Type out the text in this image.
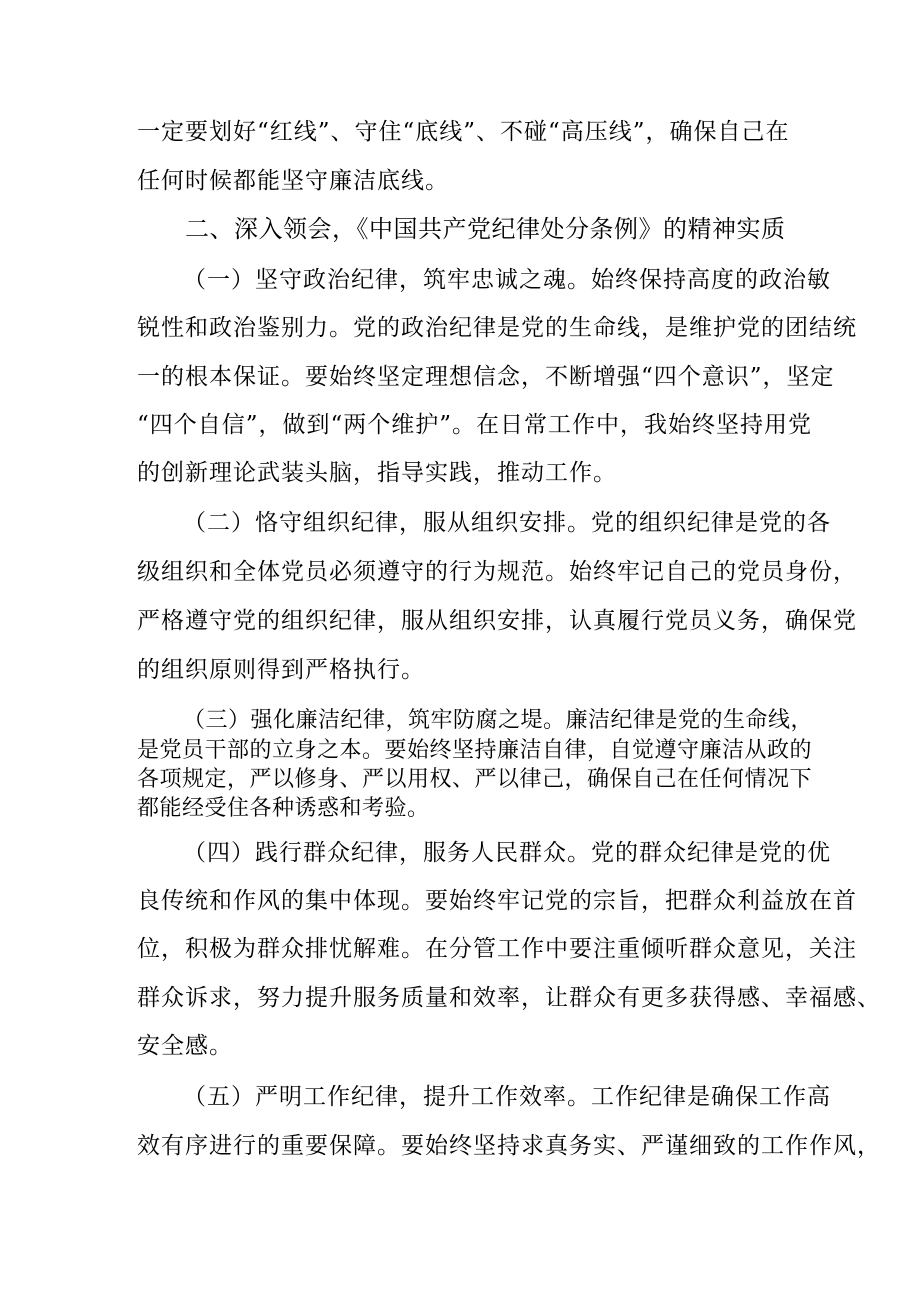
一定要划好“红线”、守住“底线”、不碰“高压线”，确保自己在
任何时候都能坚守廉洁底线。
二、深入领会，《中国共产党纪律处分条例》的精神实质
（一）坚守政治纪律，筑牢忠诚之魂。始终保持高度的政治敏
锐性和政治鉴别力。党的政治纪律是党的生命线，是维护党的团结统
一的根本保证。要始终坚定理想信念，不断增强“四个意识”，坚定
“四个自信”，做到“两个维护”。在日常工作中，我始终坚持用党
的创新理论武装头脑，指导实践，推动工作。
（二）恪守组织纪律，服从组织安排。党的组织纪律是党的各
级组织和全体党员必须遵守的行为规范。始终牢记自己的党员身份，
严格遵守党的组织纪律，服从组织安排，认真履行党员义务，确保党
的组织原则得到严格执行。
（三）强化廉洁纪律，筑牢防腐之堤。廉洁纪律是党的生命线，
是党员干部的立身之本。要始终坚持廉洁自律，自觉遵守廉洁从政的
各项规定，严以修身、严以用权、严以律己，确保自己在任何情况下
都能经受住各种诱惑和考验。
（四）践行群众纪律，服务人民群众。党的群众纪律是党的优
良传统和作风的集中体现。要始终牢记党的宗旨，把群众利益放在首
位，积极为群众排忧解难。在分管工作中要注重倾听群众意见，关注
群众诉求，努力提升服务质量和效率，让群众有更多获得感、幸福感、
安全感。
（五）严明工作纪律，提升工作效率。工作纪律是确保工作高
效有序进行的重要保障。要始终坚持求真务实、严谨细致的工作作风，
